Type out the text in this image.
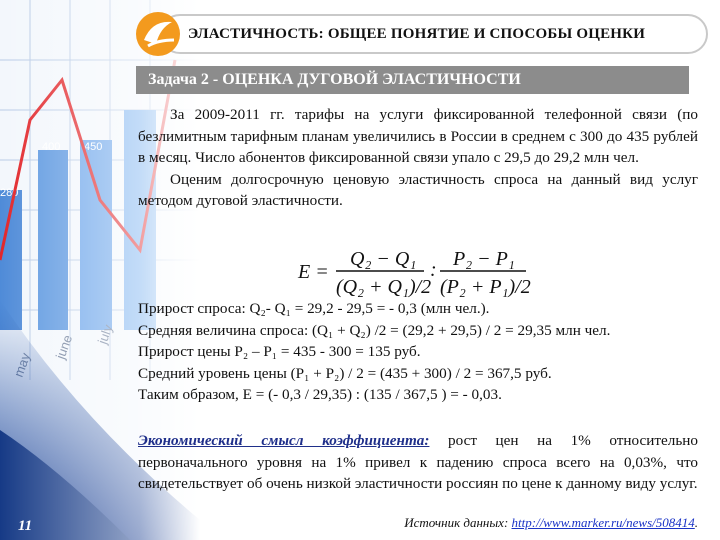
ЭЛАСТИЧНОСТЬ: ОБЩЕЕ ПОНЯТИЕ И СПОСОБЫ ОЦЕНКИ
Задача 2 - ОЦЕНКА ДУГОВОЙ ЭЛАСТИЧНОСТИ

За 2009-2011 гг. тарифы на услуги фиксированной телефонной связи (по безлимитным тарифным планам увеличились в России в среднем с 300 до 435 рублей в месяц. Число абонентов фиксированной связи упало с 29,5 до 29,2 млн чел.

Оценим долгосрочную ценовую эластичность спроса на данный вид услуг методом дуговой эластичности.

E =
Q₂ − Q₁
(Q₂ + Q₁)/2
: P₂ − P₁
(P₂ + P₁)/2
Прирост спроса: Q₂- Q₁ = 29,2 - 29,5 = - 0,3 (млн чел.).
Средняя величина спроса: (Q₁ + Q₂) /2 = (29,2 + 29,5) / 2 = 29,35 млн чел.
Прирост цены P₂ – P₁ = 435 - 300 = 135 руб.
Средний уровень цены (P₁ + P₂) / 2 = (435 + 300) / 2 = 367,5 руб.
Таким образом, E = (- 0,3 / 29,35) : (135 / 367,5 ) = - 0,03.
Экономический смысл коэффициента: рост цен на 1% относительно первоначального уровня на 1% привел к падению спроса всего на 0,03%, что свидетельствует об очень низкой эластичности россиян по цене к данному виду услуг.
Источник данных: http://www.marker.ru/news/508414.
11
